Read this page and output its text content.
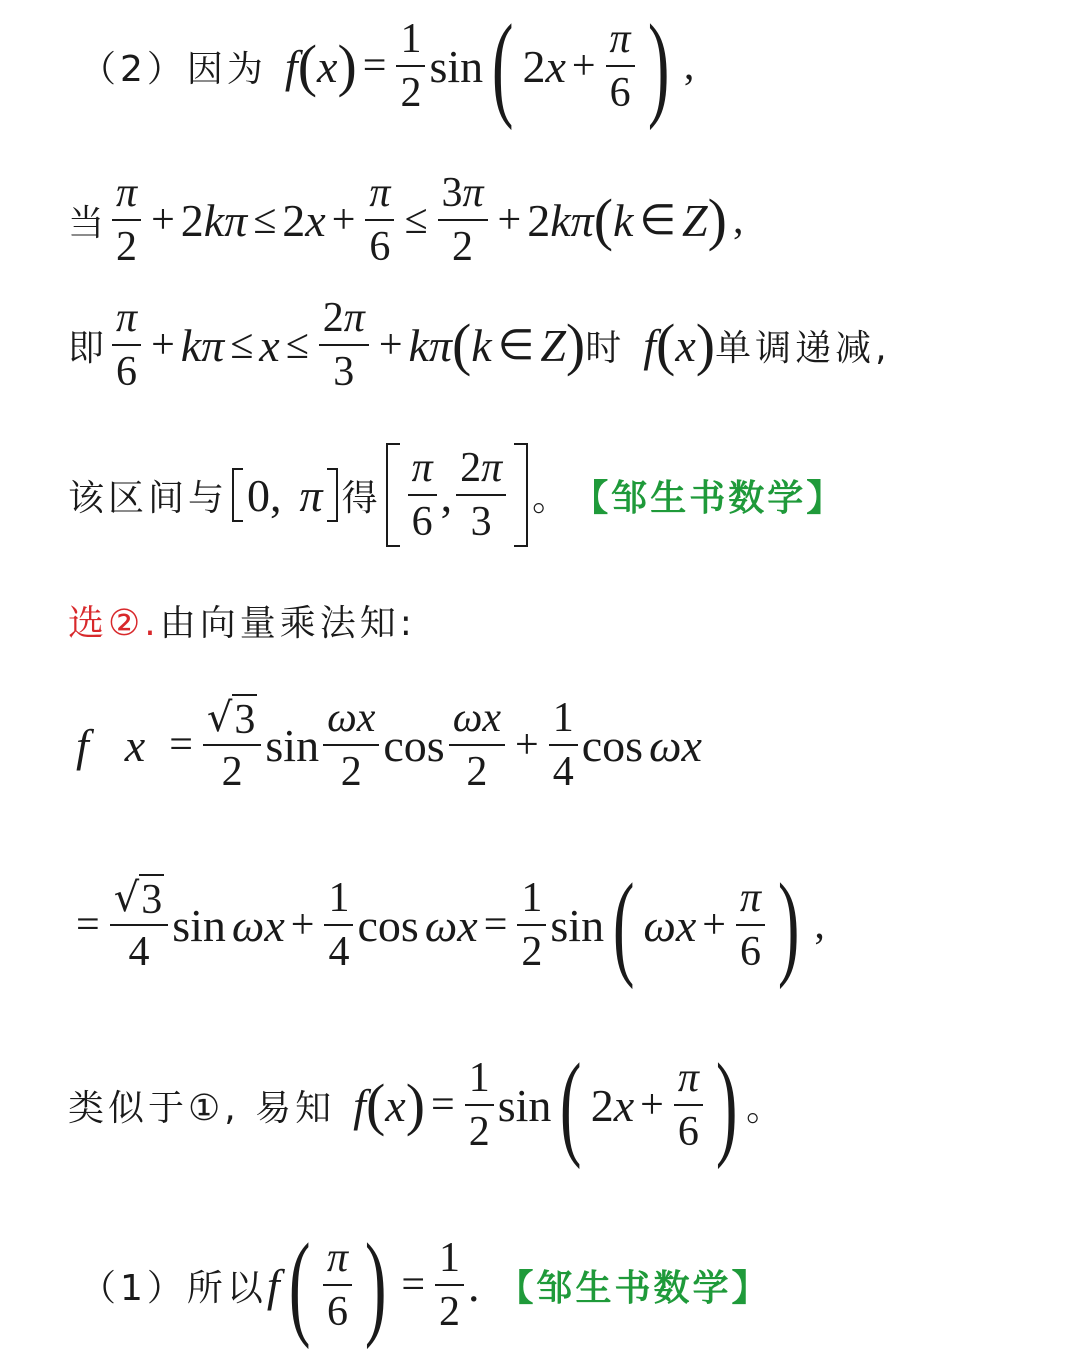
（2）因为 f ( x ) = $\frac{1}{2}$ sin ( 2 $x + \frac{\pi}{6}$ ) ,
当 $\frac{\pi}{2} + 2$ kπ ≤ 2 $x + \frac{\pi}{6} \le \frac{3\pi}{2} + 2$ kπ ( k ∈ Z ) ,
即 $\frac{\pi}{6} + k\pi \le x \le \frac{2\pi}{3} + k\pi$ ( k ∈ Z ) 时 f ( x ) 单调递减,
该区间与 0, π 得 $\frac{\pi}{6}$ , $\frac{2\pi}{3}$ 。 【邹生书数学】
选②. 由向量乘法知:
f $x = \frac{√ 3}{2}$ $\sin \frac{\omega x}{2}$ $\cos \frac{\omega x}{2} + \frac{1}{4}$ cos ωx
= $\frac{√ 3}{4}$ $\sin \omega x + \frac{1}{4}$ $\cos \omega x = \frac{1}{2}$ sin ( $\omega x + \frac{\pi}{6}$ ) ,
类似于①, 易知 f ( x ) = $\frac{1}{2}$ sin ( 2 $x + \frac{\pi}{6}$ ) 。
（1）所以 f ( $\frac{\pi}{6}$ ) = $\frac{1}{2}$ . 【邹生书数学】
